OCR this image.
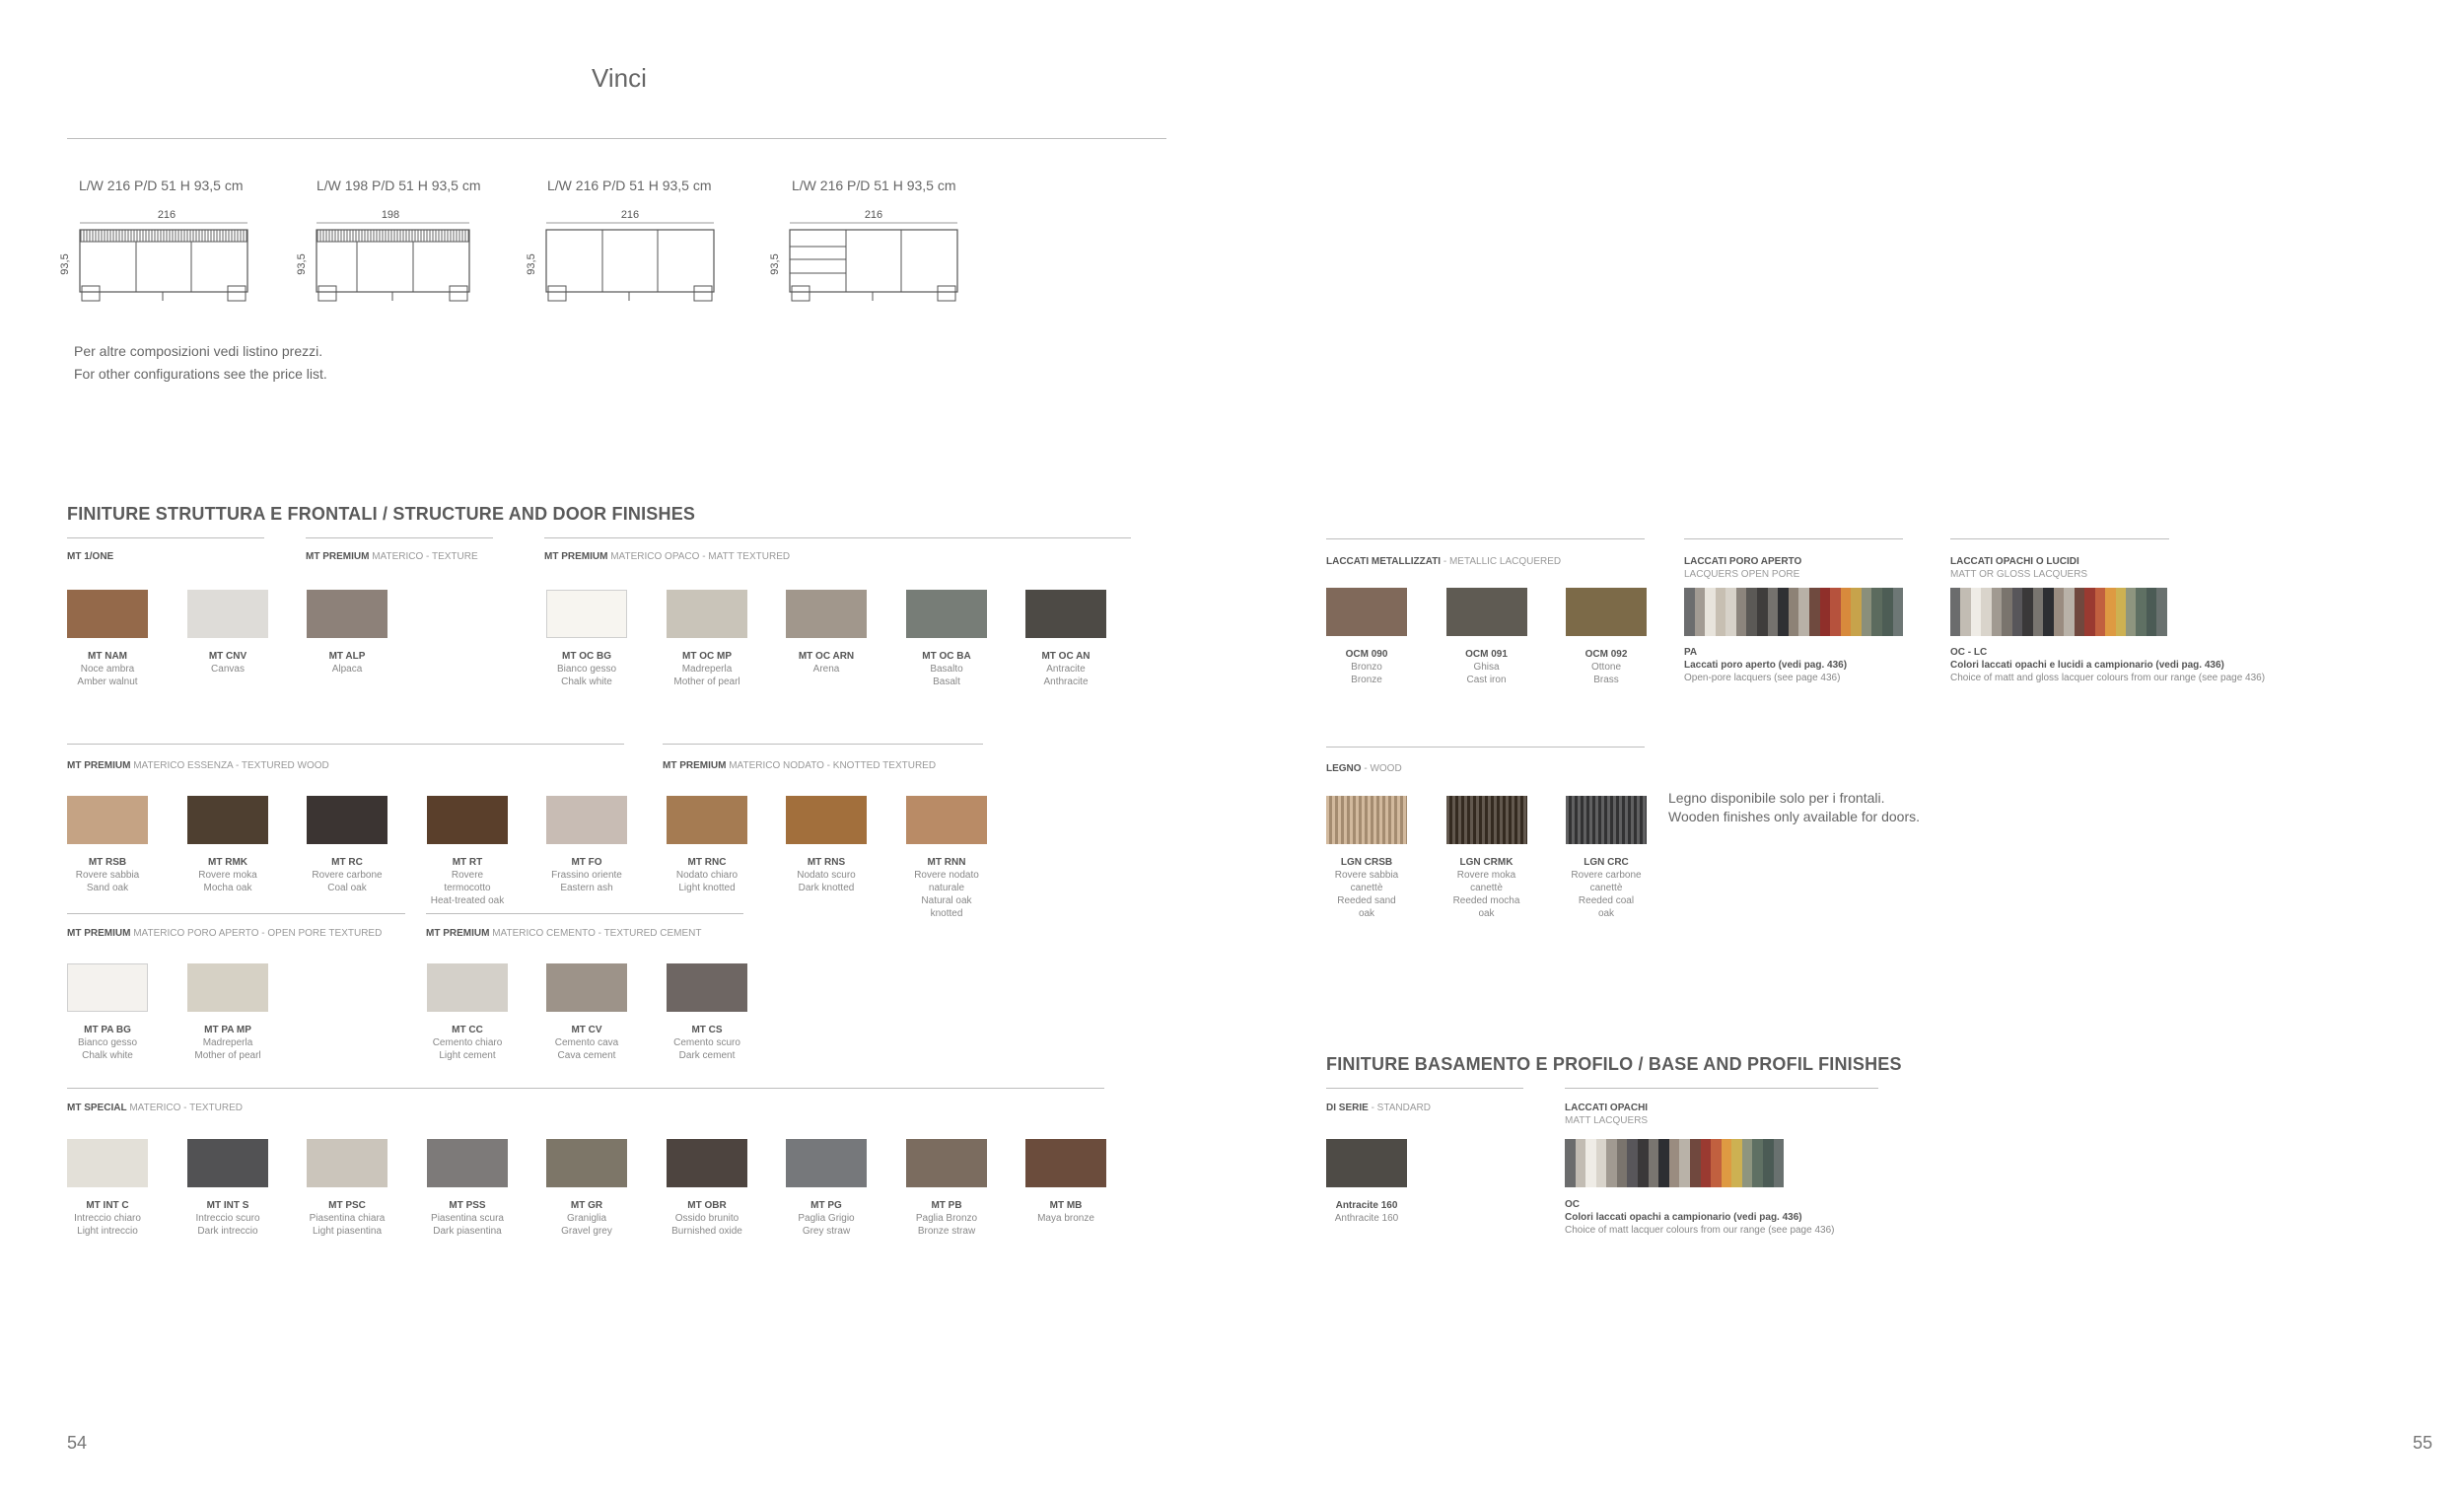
Vinci
L/W 216 P/D 51 H 93,5 cm	L/W 198 P/D 51 H 93,5 cm	L/W 216 P/D 51 H 93,5 cm	L/W 216 P/D 51 H 93,5 cm
216
93,5
198
93,5
216
93,5
216
93,5
Per altre composizioni vedi listino prezzi.
For other configurations see the price list.
FINITURE STRUTTURA E FRONTALI / STRUCTURE AND DOOR FINISHES
MT 1/ONE	MT PREMIUM MATERICO - TEXTURE	MT PREMIUM MATERICO OPACO - MATT TEXTURED
MT PREMIUM MATERICO ESSENZA - TEXTURED WOOD	MT PREMIUM MATERICO NODATO - KNOTTED TEXTURED
MT PREMIUM MATERICO PORO APERTO - OPEN PORE TEXTURED	MT PREMIUM MATERICO CEMENTO - TEXTURED CEMENT
MT SPECIAL MATERICO - TEXTURED
MT NAM
Noce ambra
Amber walnut
MT CNV
Canvas
MT ALP
Alpaca
MT OC BG
Bianco gesso
Chalk white
MT OC MP
Madreperla
Mother of pearl
MT OC ARN
Arena
MT OC BA
Basalto
Basalt
MT OC AN
Antracite
Anthracite
MT RSB
Rovere sabbia
Sand oak
MT RMK
Rovere moka
Mocha oak
MT RC
Rovere carbone
Coal oak
MT RT
Rovere termocotto
Heat-treated oak
MT FO
Frassino oriente
Eastern ash
MT RNC
Nodato chiaro
Light knotted
MT RNS
Nodato scuro
Dark knotted
MT RNN
Rovere nodato naturale
Natural oak knotted
MT PA BG
Bianco gesso
Chalk white
MT PA MP
Madreperla
Mother of pearl
MT CC
Cemento chiaro
Light cement
MT CV
Cemento cava
Cava cement
MT CS
Cemento scuro
Dark cement
MT INT C
Intreccio chiaro
Light intreccio
MT INT S
Intreccio scuro
Dark intreccio
MT PSC
Piasentina chiara
Light piasentina
MT PSS
Piasentina scura
Dark piasentina
MT GR
Graniglia
Gravel grey
MT OBR
Ossido brunito
Burnished oxide
MT PG
Paglia Grigio
Grey straw
MT PB
Paglia Bronzo
Bronze straw
MT MB
Maya bronze
LACCATI METALLIZZATI - METALLIC LACQUERED	LACCATI PORO APERTO
LACQUERS OPEN PORE
LACCATI OPACHI O LUCIDI
MATT OR GLOSS LACQUERS
OCM 090
Bronzo
Bronze
OCM 091
Ghisa
Cast iron
OCM 092
Ottone
Brass
PA
Laccati poro aperto (vedi pag. 436)
Open-pore lacquers (see page 436)
OC - LC
Colori laccati opachi e lucidi a campionario (vedi pag. 436)
Choice of matt and gloss lacquer colours from our range (see page 436)
LEGNO - WOOD
LGN CRSB
Rovere sabbia
canettè
Reeded sand
oak
LGN CRMK
Rovere moka
canettè
Reeded mocha
oak
LGN CRC
Rovere carbone
canettè
Reeded coal
oak
Legno disponibile solo per i frontali.
Wooden finishes only available for doors.
FINITURE BASAMENTO E PROFILO / BASE AND PROFIL FINISHES
DI SERIE - STANDARD	LACCATI OPACHI
MATT LACQUERS
Antracite 160
Anthracite 160
OC
Colori laccati opachi a campionario (vedi pag. 436)
Choice of matt lacquer colours from our range (see page 436)
54	55
